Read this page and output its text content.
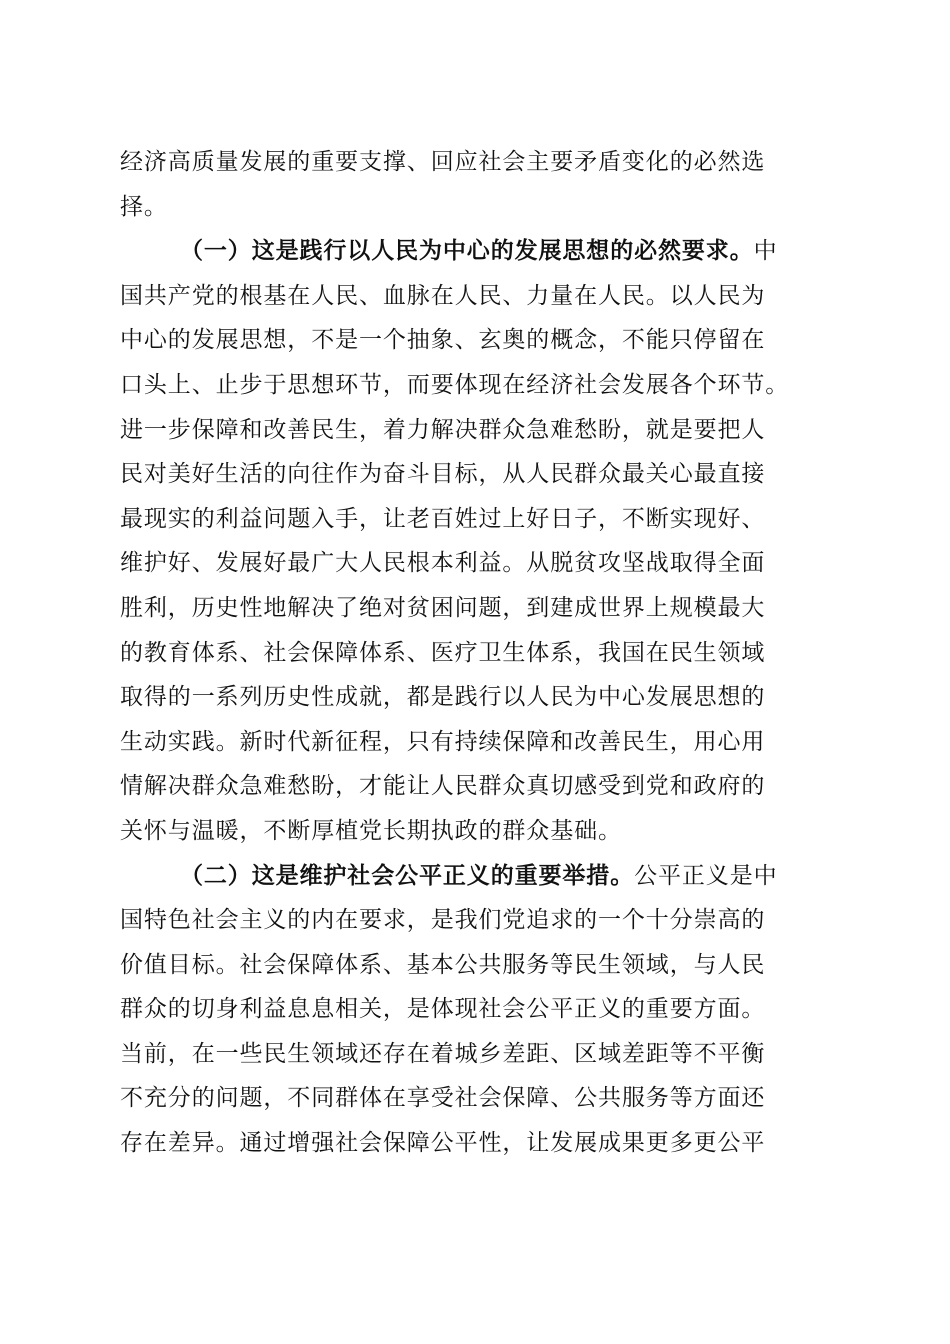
经济高质量发展的重要支撑、回应社会主要矛盾变化的必然选
择。
（一）这是践行以人民为中心的发展思想的必然要求。中
国共产党的根基在人民、血脉在人民、力量在人民。以人民为
中心的发展思想，不是一个抽象、玄奥的概念，不能只停留在
口头上、止步于思想环节，而要体现在经济社会发展各个环节。
进一步保障和改善民生，着力解决群众急难愁盼，就是要把人
民对美好生活的向往作为奋斗目标，从人民群众最关心最直接
最现实的利益问题入手，让老百姓过上好日子，不断实现好、
维护好、发展好最广大人民根本利益。从脱贫攻坚战取得全面
胜利，历史性地解决了绝对贫困问题，到建成世界上规模最大
的教育体系、社会保障体系、医疗卫生体系，我国在民生领域
取得的一系列历史性成就，都是践行以人民为中心发展思想的
生动实践。新时代新征程，只有持续保障和改善民生，用心用
情解决群众急难愁盼，才能让人民群众真切感受到党和政府的
关怀与温暖，不断厚植党长期执政的群众基础。
（二）这是维护社会公平正义的重要举措。公平正义是中
国特色社会主义的内在要求，是我们党追求的一个十分崇高的
价值目标。社会保障体系、基本公共服务等民生领域，与人民
群众的切身利益息息相关，是体现社会公平正义的重要方面。
当前，在一些民生领域还存在着城乡差距、区域差距等不平衡
不充分的问题，不同群体在享受社会保障、公共服务等方面还
存在差异。通过增强社会保障公平性，让发展成果更多更公平
